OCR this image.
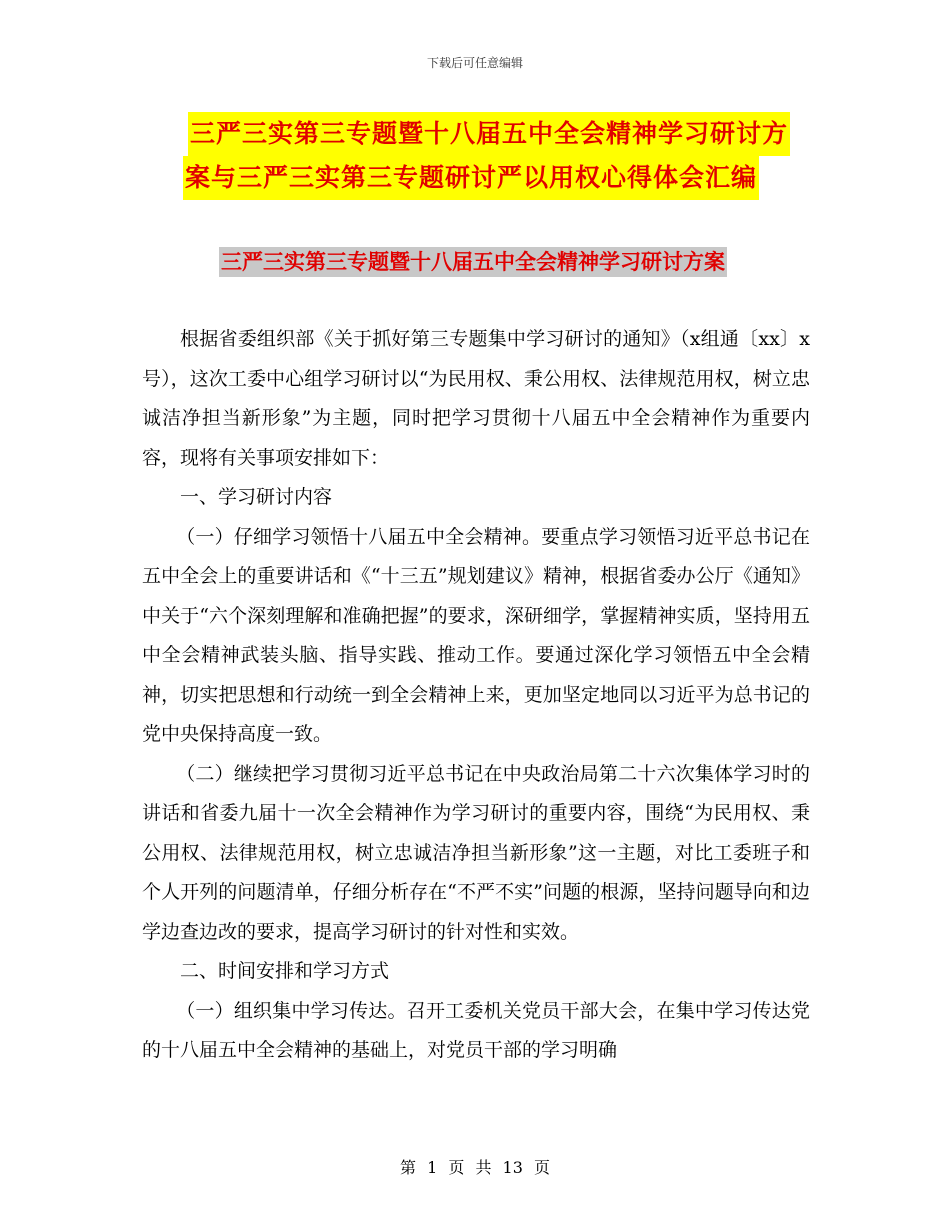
下载后可任意编辑
三严三实第三专题暨十八届五中全会精神学习研讨方
案与三严三实第三专题研讨严以用权心得体会汇编
三严三实第三专题暨十八届五中全会精神学习研讨方案

根据省委组织部《关于抓好第三专题集中学习研讨的通知》（x组通〔xx〕x号），这次工委中心组学习研讨以“为民用权、秉公用权、法律规范用权，树立忠诚洁净担当新形象”为主题，同时把学习贯彻十八届五中全会精神作为重要内容，现将有关事项安排如下：

一、学习研讨内容

（一）仔细学习领悟十八届五中全会精神。要重点学习领悟习近平总书记在五中全会上的重要讲话和《“十三五”规划建议》精神，根据省委办公厅《通知》中关于“六个深刻理解和准确把握”的要求，深研细学，掌握精神实质，坚持用五中全会精神武装头脑、指导实践、推动工作。要通过深化学习领悟五中全会精神，切实把思想和行动统一到全会精神上来，更加坚定地同以习近平为总书记的党中央保持高度一致。

（二）继续把学习贯彻习近平总书记在中央政治局第二十六次集体学习时的讲话和省委九届十一次全会精神作为学习研讨的重要内容，围绕“为民用权、秉公用权、法律规范用权，树立忠诚洁净担当新形象”这一主题，对比工委班子和个人开列的问题清单，仔细分析存在“不严不实”问题的根源，坚持问题导向和边学边查边改的要求，提高学习研讨的针对性和实效。

二、时间安排和学习方式

（一）组织集中学习传达。召开工委机关党员干部大会，在集中学习传达党的十八届五中全会精神的基础上，对党员干部的学习明确

第 1 页 共 13 页
